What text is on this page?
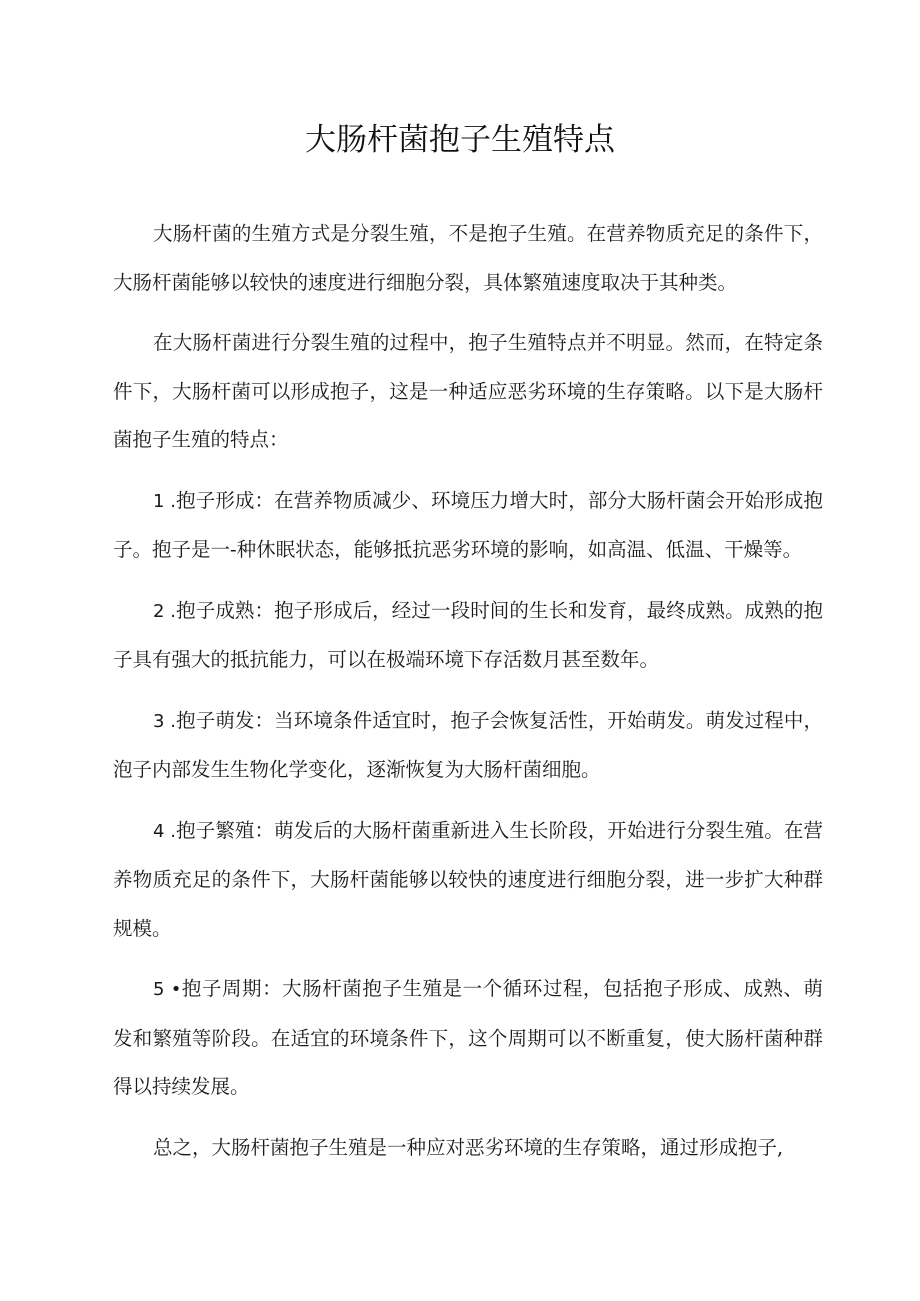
大肠杆菌抱子生殖特点

大肠杆菌的生殖方式是分裂生殖，不是抱子生殖。在营养物质充足的条件下，大肠杆菌能够以较快的速度进行细胞分裂，具体繁殖速度取决于其种类。

在大肠杆菌进行分裂生殖的过程中，抱子生殖特点并不明显。然而，在特定条件下，大肠杆菌可以形成抱子，这是一种适应恶劣环境的生存策略。以下是大肠杆菌抱子生殖的特点：

1 .抱子形成：在营养物质减少、环境压力增大时，部分大肠杆菌会开始形成抱子。抱子是一-种休眠状态，能够抵抗恶劣环境的影响，如高温、低温、干燥等。

2 .抱子成熟：抱子形成后，经过一段时间的生长和发育，最终成熟。成熟的抱子具有强大的抵抗能力，可以在极端环境下存活数月甚至数年。

3 .抱子萌发：当环境条件适宜时，抱子会恢复活性，开始萌发。萌发过程中，泡子内部发生生物化学变化，逐渐恢复为大肠杆菌细胞。

4 .抱子繁殖：萌发后的大肠杆菌重新进入生长阶段，开始进行分裂生殖。在营养物质充足的条件下，大肠杆菌能够以较快的速度进行细胞分裂，进一步扩大种群规模。

5 •抱子周期：大肠杆菌抱子生殖是一个循环过程，包括抱子形成、成熟、萌发和繁殖等阶段。在适宜的环境条件下，这个周期可以不断重复，使大肠杆菌种群得以持续发展。

总之，大肠杆菌抱子生殖是一种应对恶劣环境的生存策略，通过形成抱子,
